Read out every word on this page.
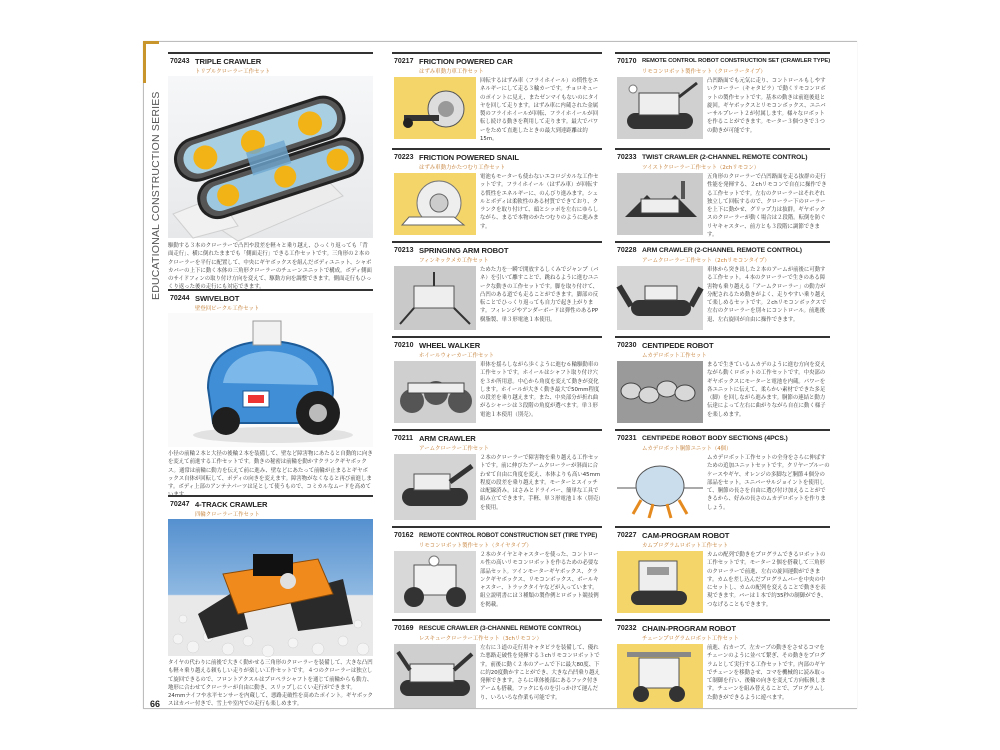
EDUCATIONAL CONSTRUCTION SERIES
66
70243 TRIPLE CRAWLER
トリプルクローラー工作セット
駆動する３本のクローラーで凸凹や段差を軽々と乗り越え、ひっくり返っても「背面走行」、横に倒れたままでも「側面走行」できる工作セットです。三角形の２本のクローラーを平行に配置して、中央にギヤボックスを組んだボディユニット、シャボカバーの上下に動く本体の三角形クローラーのチェーンユニットで構成。ボディ側面のサイドフィンの取り付け方向を変えて、駆動方向を調整できます。側面走行もひっくり返った後の走行にも対応できます。
70244 SWIVELBOT
壁登回ビークル工作セット
小径の前輪２本と大径の後輪２本を装備して、壁など障害物にあたると自動的に向きを変えて前進する工作セットです。動きの秘密は前輪を動かすクランクギヤボックス。通常は前輪に動力を伝えて前に進み、壁などにあたって前輪が止まるとギヤボックス自体が回転して、ポディの向きを変えます。障害物がなくなると再び前進します。ボディ上部のアンテナパーツは足として使うもので、コミカルなムードを高めています。
70247 4-TRACK CRAWLER
四輪クローラー工作セット
タイヤの代わりに前後で大きく動かせる三角形のクローラーを装備して、大きな凸凹も軽々乗り越える頼もしい走りが楽しい工作セットです。４つのクローラーは独立して旋回できるので、フロントアクスルはプロペラシャフトを通じて前輪からも動力、地形に合わせてクローラーが自由に動き、スリップしにくい走行ができます。24mmナイフや水平センサーを内蔵して、悪路走破性を高めたポイント。ギヤボックスはカバー付きで、雪上や室内での走行も楽しめます。
70217 FRICTION POWERED CAR
はずみ車動力車工作セット
回転するはずみ車（フライホイール）の慣性をエネルギーにして走る３輪カーです。チョロキューのポイントに見え、またゼンマイもないのにタイヤを回して走ります。はずみ車に内蔵された金属製のフライホイールが回転、フライホイールが回転し続ける動きを利用して走ります。最大でパワーをためて直進したときの最大到達距離は約15m。
70223 FRICTION POWERED SNAIL
はずみ車動力かたつむり工作セット
電池もモーターも使わないエコロジカルな工作セットです。フライホイール（はずみ車）が回転する慣性をエネルギーに、のんびり進みます。シェルとボディは柔軟性のある材質でできており、クランクを取り付けて、頭とシッポを左右にゆらしながら、まるで本物のかたつむりのように進みます。
70213 SPRINGING ARM ROBOT
フィンキックメカ工作セット
ためた力を一瞬で開放するしくみでジャンプ（バネ）を引いて離すことで、跳ねるように進むユニークな動きの工作セットです。脚を取り付けて、凸凹のある道でも走ることができます。脚部の反転ことでひっくり返っても自力で起き上がります。フィレンジやアンダーボードは弾性のあるPP樹脂製、単３形電池１本使用。
70210 WHEEL WALKER
ホイールウォーカー工作セット
車体を揺らしながら歩くように進む６輪駆動車の工作セットです。ホイールはシャフト取り付け穴を３か所用意。中心から角度を変えて動きが変化します。ホイールが大きく動き最大で50mm程度の段差を乗り越えます。また、中央部分が折れ曲がるシャーシは３段階の角度が選べます。単３形電池１本使用（別売）。
70211 ARM CRAWLER
アームクローラー工作セット
２本のクローラーで障害物を乗り越える工作セットです。前に伸びたアームクローラーが斜面に合わせて自由に角度を変え、本体よりも高い45mm程度の段差を乗り越えます。モーターとスイッチは配線済み。はさみとドライバー、簡単な工具で組み立てできます。手軽、単３形電池１本（別売）を使用。
70162 REMOTE CONTROL ROBOT CONSTRUCTION SET (TIRE TYPE)
リモコンロボット製作セット（タイヤタイプ）
２本のタイヤとキャスターを使った、コントロール性の高いリモコンロボットを作るための必要な部品セット。ツインモーターギヤボックス、クランクギヤボックス、リモコンボックス、ボールキャスター、トラックタイヤなどが入っています。組立説明書には３種類の製作例とロボット競技例を掲載。
70169 RESCUE CRAWLER (3-CHANNEL REMOTE CONTROL)
レスキュークローラー工作セット（3chリモコン）
左右に３道の走行用キャタピラを装備して、優れた悪路走破性を発揮する３chリモコンロボットです。前後に動く２本のアームで下に最大80度、下に約20度動かすことができ、大きな凸凹乗り越え発揮できます。さらに車体後部にあるフック付きアームも搭載。フックにものを引っかけて運んだり、いろいろな作業も可能です。
70170 REMOTE CONTROL ROBOT CONSTRUCTION SET (CRAWLER TYPE)
リモコンロボット製作セット（クローラータイプ）
凸凹路面でも元気に走り、コントロールもしやすいクローラー（キャタピラ）で動くリモコンロボットの製作セットです。基本の動きは前進後退と旋回。ギヤボックスとリモコンボックス、ユニバーサルプレート２が付属します。様々なロボットを作ることができます。モーター３個つきで３つの動きが可能です。
70233 TWIST CRAWLER (2-CHANNEL REMOTE CONTROL)
ツイストクローラー工作セット（2chリモコン）
五角形のクローラーで凸凹路面を走る抜群の走行性能を発揮する、２chリモコンで自在に操作できる工作セットです。左右のクローラーはそれぞれ独立して回転するので、クローラー下のローラーを上下に動かせ、グリップ力は抜群。ギヤボックスのクローラーが動く場合は２段階。転倒を防ぐリヤキャスター、前方とも３段階に調節できます。
70228 ARM CRAWLER (2-CHANNEL REMOTE CONTROL)
アームクローラー工作セット（2chリモコンタイプ）
車体から突き出した２本のアームが前後に可動する工作セット。４本のクローラーで生きのある障害物も乗り越える「アームクローラー」の動力が分配されるため動きがよく、走りやすい乗り越えて楽しめるセットです。２chリモコンボックスで左右のクローラーを別々にコントロール。前進後退、左右旋回が自由に操作できます。
70230 CENTIPEDE ROBOT
ムカデロボット工作セット
まるで生きているムカデのように進む方向を変えながら動くロボットの工作セットです。中央部のギヤボックスにモーターと電池を内蔵。パワーを各ユニットに伝えて、柔らかい素材でできた多足（脚）を回しながら進みます。胴節の連結と動力伝達によって左右に曲がりながら自在に動く様子を楽しめます。
70231 CENTIPEDE ROBOT BODY SECTIONS (4PCS.)
ムカデロボット胴節ユニット（4個）
ムカデロボット工作セットの全身をさらに伸ばすための追加ユニットセットです。クリヤーブルーのケースやギヤ、オレンジの多脚など胴節４個分の部品をセット。ユニバーサルジョイントを使用して、胴節の長さを自由に選び付け加えることができるから、好みの長さのムカデロボットを作りましょう。
70227 CAM-PROGRAM ROBOT
カムプログラムロボット工作セット
カムの配列で動きをプログラムできるロボットの工作セットです。モーター２個を搭載して三角形のクローラーで前進、左右の旋回運動ができます。カムを差し込んだプログラムバーを中央の中にセットし、カムの配列を変えることで動きを表現できます。バーは１本で約35秒の制御ができ、つなげることもできます。
70232 CHAIN-PROGRAM ROBOT
チェーンプログラムロボット工作セット
前進、右カーブ、左カーブの動きをさせるコマをチェーンのように並べて繋ぎ、その動きをプログラムとして実行する工作セットです。内部のギヤでチェーンを移動させ、コマを機械的に読み取って制御を行い、後輪の向きを変えて方向転換します。チェーンを組み替えることで、プログラムした動きができるように遊べます。
